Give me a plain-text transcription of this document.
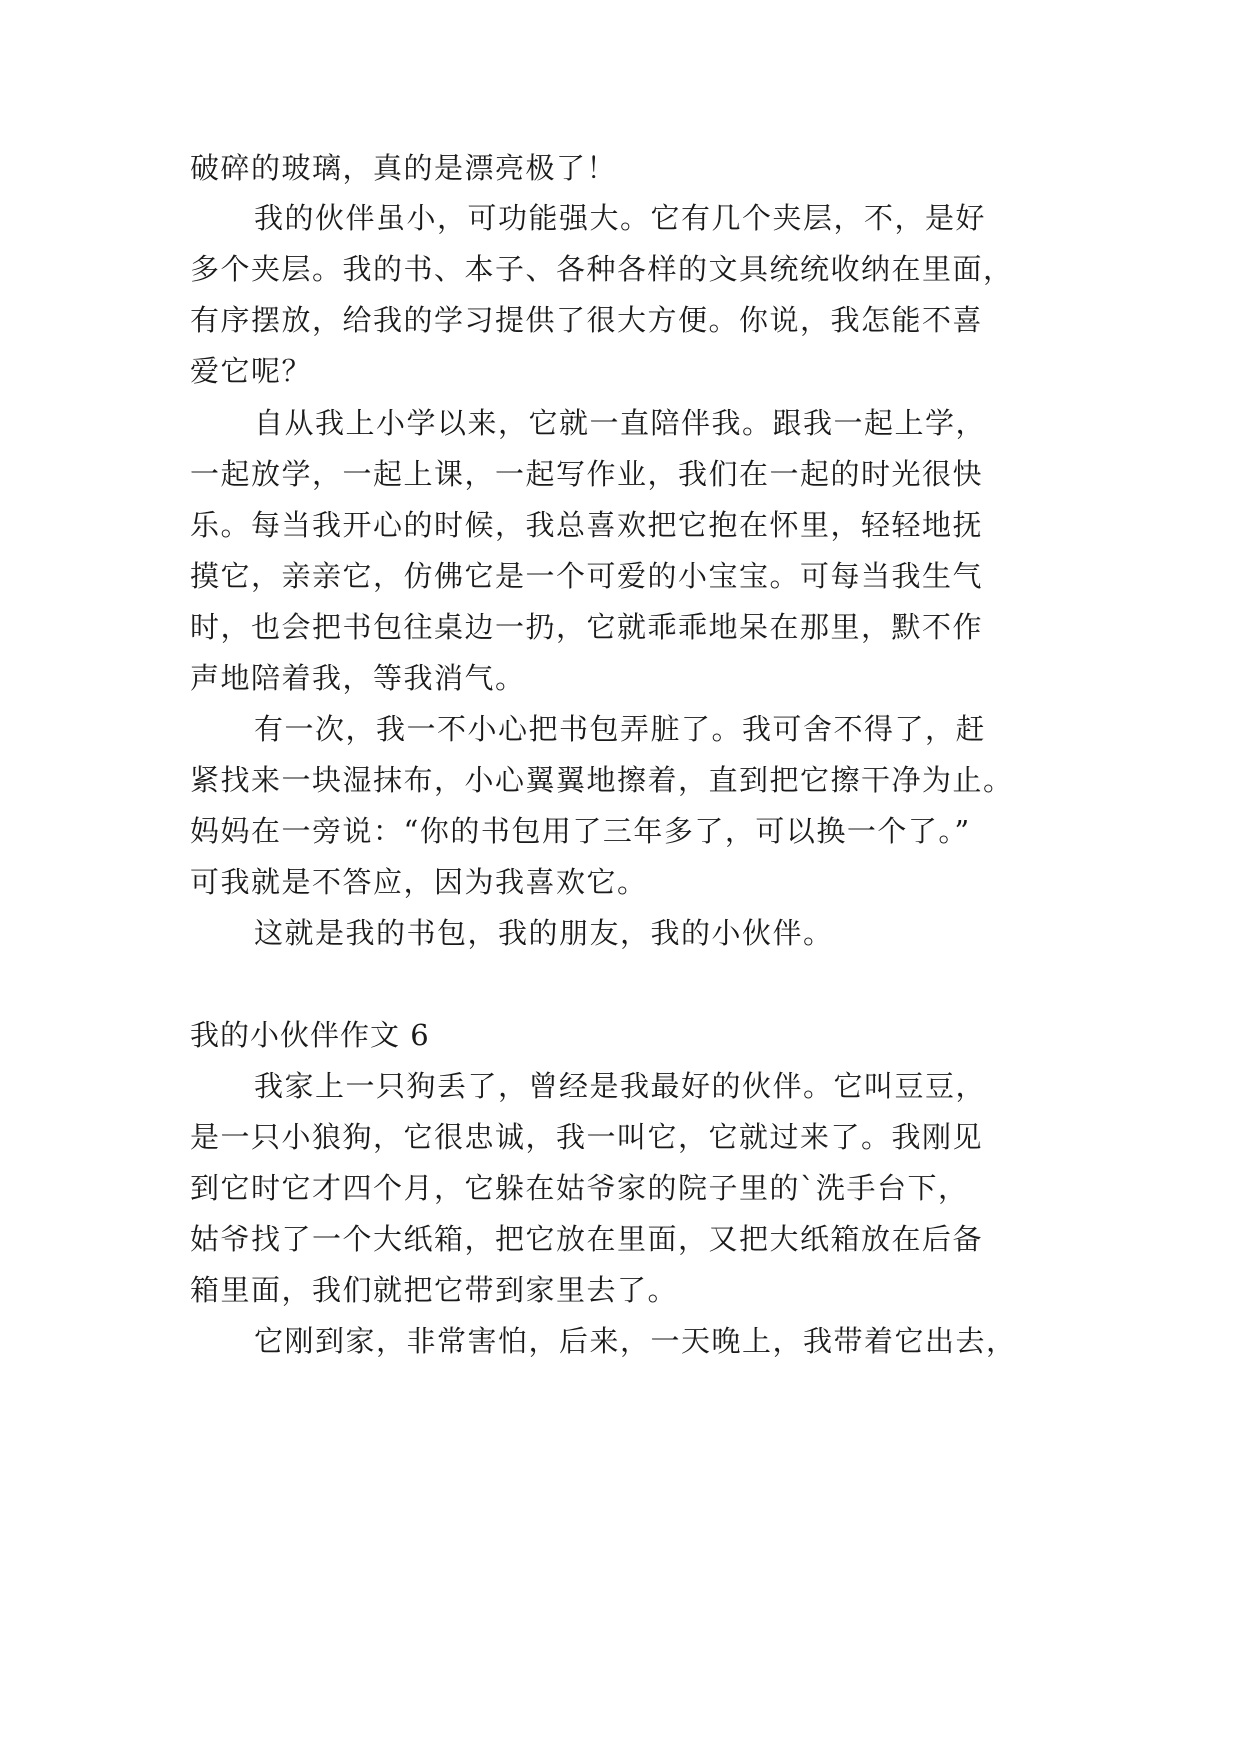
破碎的玻璃，真的是漂亮极了！
我的伙伴虽小，可功能强大。它有几个夹层，不，是好
多个夹层。我的书、本子、各种各样的文具统统收纳在里面，
有序摆放，给我的学习提供了很大方便。你说，我怎能不喜
爱它呢？
自从我上小学以来，它就一直陪伴我。跟我一起上学，
一起放学，一起上课，一起写作业，我们在一起的时光很快
乐。每当我开心的时候，我总喜欢把它抱在怀里，轻轻地抚
摸它，亲亲它，仿佛它是一个可爱的小宝宝。可每当我生气
时，也会把书包往桌边一扔，它就乖乖地呆在那里，默不作
声地陪着我，等我消气。
有一次，我一不小心把书包弄脏了。我可舍不得了，赶
紧找来一块湿抹布，小心翼翼地擦着，直到把它擦干净为止。
妈妈在一旁说：“你的书包用了三年多了，可以换一个了。”
可我就是不答应，因为我喜欢它。
这就是我的书包，我的朋友，我的小伙伴。
我的小伙伴作文 6
我家上一只狗丢了，曾经是我最好的伙伴。它叫豆豆，
是一只小狼狗，它很忠诚，我一叫它，它就过来了。我刚见
到它时它才四个月，它躲在姑爷家的院子里的`洗手台下，
姑爷找了一个大纸箱，把它放在里面，又把大纸箱放在后备
箱里面，我们就把它带到家里去了。
它刚到家，非常害怕，后来，一天晚上，我带着它出去，
